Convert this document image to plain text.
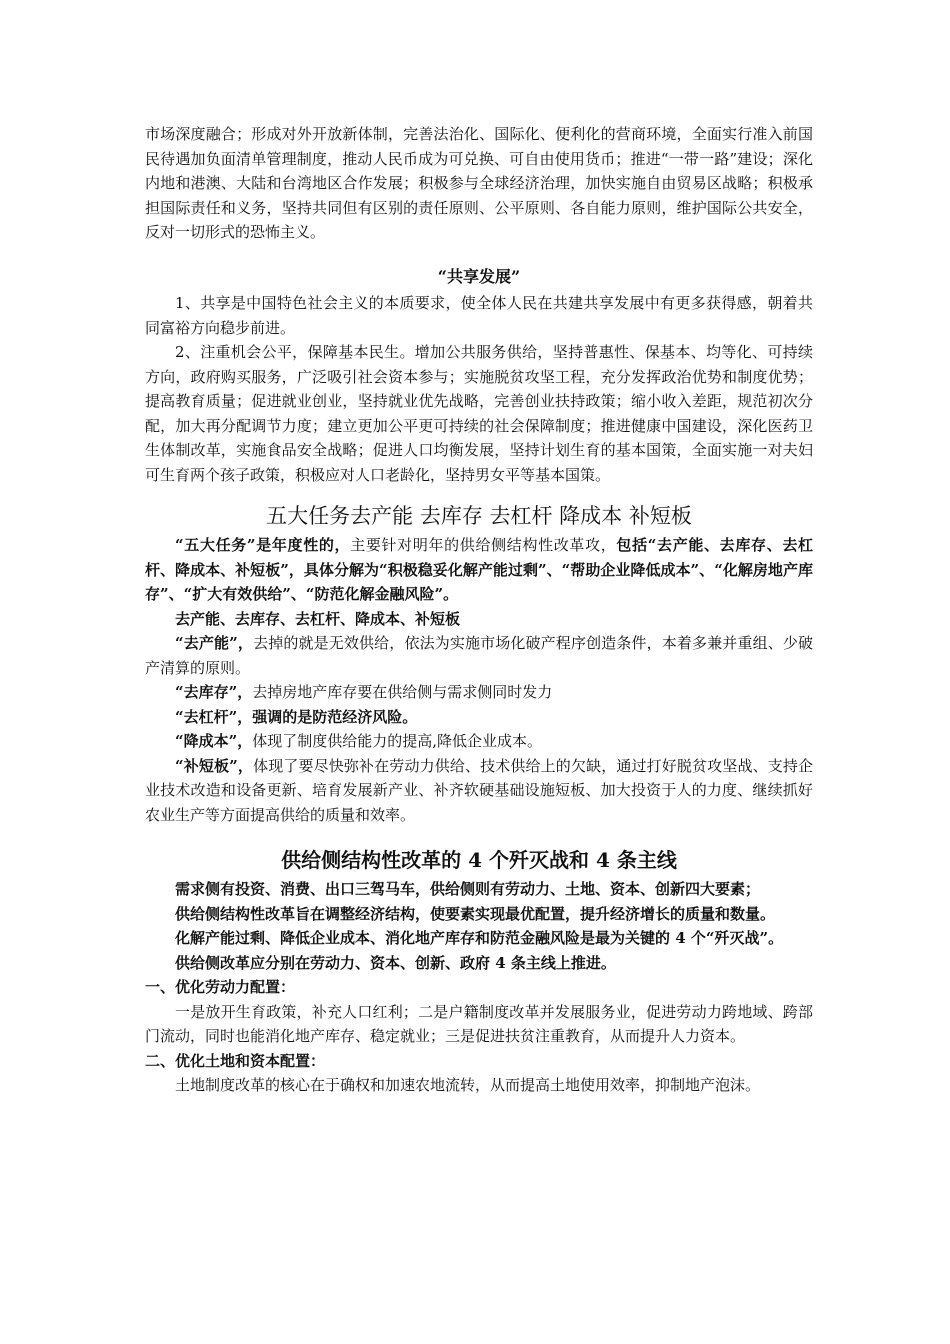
市场深度融合；形成对外开放新体制，完善法治化、国际化、便利化的营商环境，全面实行准入前国民待遇加负面清单管理制度，推动人民币成为可兑换、可自由使用货币；推进“一带一路”建设；深化内地和港澳、大陆和台湾地区合作发展；积极参与全球经济治理，加快实施自由贸易区战略；积极承担国际责任和义务，坚持共同但有区别的责任原则、公平原则、各自能力原则，维护国际公共安全，反对一切形式的恐怖主义。

“共享发展”

1、共享是中国特色社会主义的本质要求，使全体人民在共建共享发展中有更多获得感，朝着共同富裕方向稳步前进。

2、注重机会公平，保障基本民生。增加公共服务供给，坚持普惠性、保基本、均等化、可持续方向，政府购买服务，广泛吸引社会资本参与；实施脱贫攻坚工程，充分发挥政治优势和制度优势；提高教育质量；促进就业创业，坚持就业优先战略，完善创业扶持政策；缩小收入差距，规范初次分配，加大再分配调节力度；建立更加公平更可持续的社会保障制度；推进健康中国建设，深化医药卫生体制改革，实施食品安全战略；促进人口均衡发展，坚持计划生育的基本国策，全面实施一对夫妇可生育两个孩子政策，积极应对人口老龄化，坚持男女平等基本国策。

五大任务去产能 去库存 去杠杆 降成本 补短板

“五大任务”是年度性的，主要针对明年的供给侧结构性改革攻，包括“去产能、去库存、去杠杆、降成本、补短板”，具体分解为“积极稳妥化解产能过剩”、“帮助企业降低成本”、“化解房地产库存”、“扩大有效供给”、“防范化解金融风险”。

去产能、去库存、去杠杆、降成本、补短板

“去产能”，去掉的就是无效供给，依法为实施市场化破产程序创造条件，本着多兼并重组、少破产清算的原则。

“去库存”，去掉房地产库存要在供给侧与需求侧同时发力

“去杠杆”，强调的是防范经济风险。

“降成本”，体现了制度供给能力的提高,降低企业成本。

“补短板”，体现了要尽快弥补在劳动力供给、技术供给上的欠缺，通过打好脱贫攻坚战、支持企业技术改造和设备更新、培育发展新产业、补齐软硬基础设施短板、加大投资于人的力度、继续抓好农业生产等方面提高供给的质量和效率。

供给侧结构性改革的 4 个歼灭战和 4 条主线

需求侧有投资、消费、出口三驾马车，供给侧则有劳动力、土地、资本、创新四大要素；

供给侧结构性改革旨在调整经济结构，使要素实现最优配置，提升经济增长的质量和数量。

化解产能过剩、降低企业成本、消化地产库存和防范金融风险是最为关键的 4 个“歼灭战”。

供给侧改革应分别在劳动力、资本、创新、政府 4 条主线上推进。

一、优化劳动力配置：

一是放开生育政策，补充人口红利；二是户籍制度改革并发展服务业，促进劳动力跨地域、跨部门流动，同时也能消化地产库存、稳定就业；三是促进扶贫注重教育，从而提升人力资本。

二、优化土地和资本配置：

土地制度改革的核心在于确权和加速农地流转，从而提高土地使用效率，抑制地产泡沫。
